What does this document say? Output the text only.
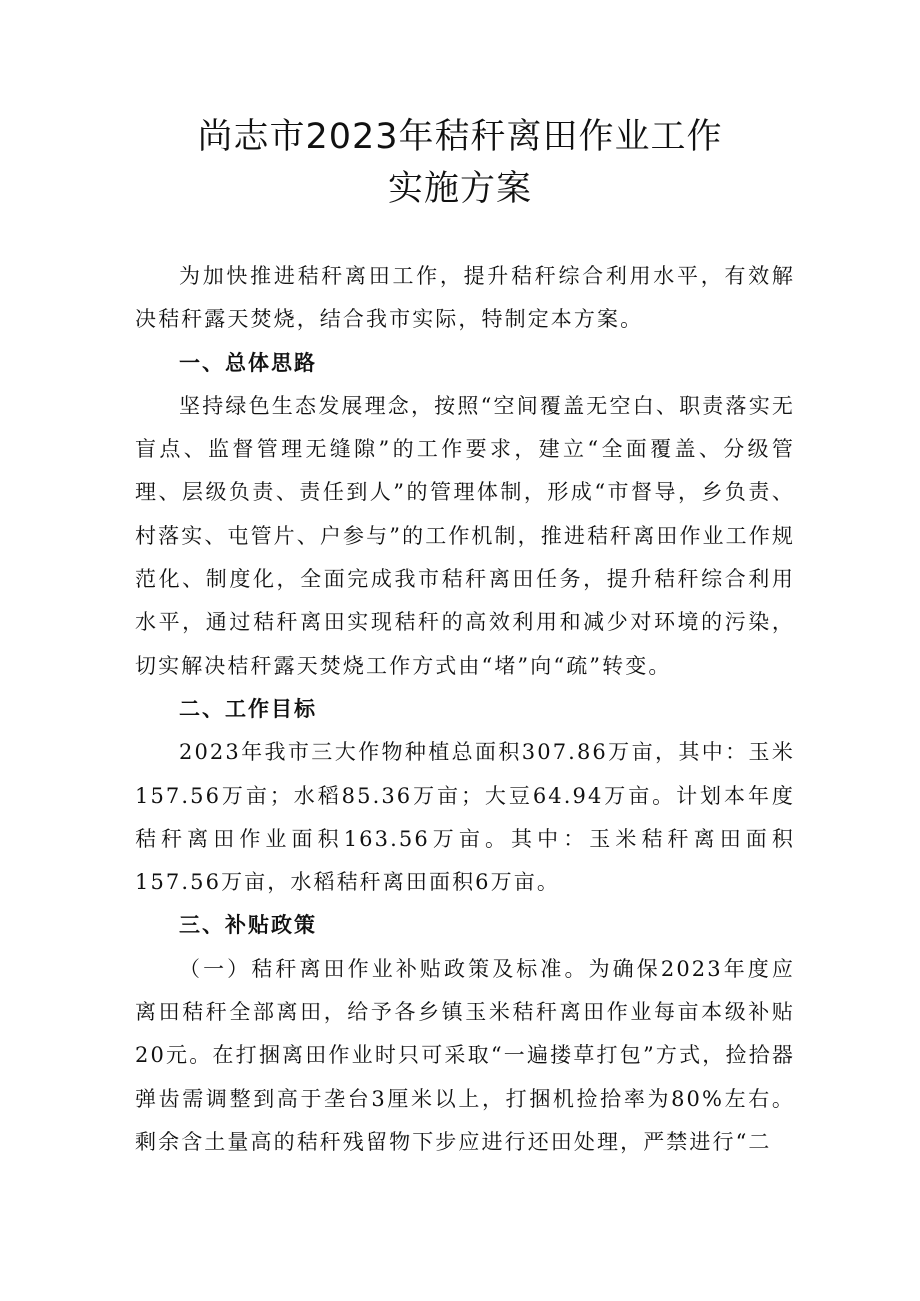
尚志市2023年秸秆离田作业工作
实施方案

为加快推进秸秆离田工作，提升秸秆综合利用水平，有效解决秸秆露天焚烧，结合我市实际，特制定本方案。

一、总体思路

坚持绿色生态发展理念，按照“空间覆盖无空白、职责落实无盲点、监督管理无缝隙”的工作要求，建立“全面覆盖、分级管理、层级负责、责任到人”的管理体制，形成“市督导，乡负责、村落实、屯管片、户参与”的工作机制，推进秸秆离田作业工作规范化、制度化，全面完成我市秸秆离田任务，提升秸秆综合利用水平，通过秸秆离田实现秸秆的高效利用和减少对环境的污染，切实解决桔秆露天焚烧工作方式由“堵”向“疏”转变。

二、工作目标

2023年我市三大作物种植总面积307.86万亩，其中：玉米157.56万亩；水稻85.36万亩；大豆64.94万亩。计划本年度秸秆离田作业面积163.56万亩。其中：玉米秸秆离田面积157.56万亩，水稻秸秆离田面积6万亩。

三、补贴政策

（一）秸秆离田作业补贴政策及标准。为确保2023年度应离田秸秆全部离田，给予各乡镇玉米秸秆离田作业每亩本级补贴20元。在打捆离田作业时只可采取“一遍搂草打包”方式，捡拾器弹齿需调整到高于垄台3厘米以上，打捆机捡拾率为80%左右。剩余含土量高的秸秆残留物下步应进行还田处理，严禁进行“二
